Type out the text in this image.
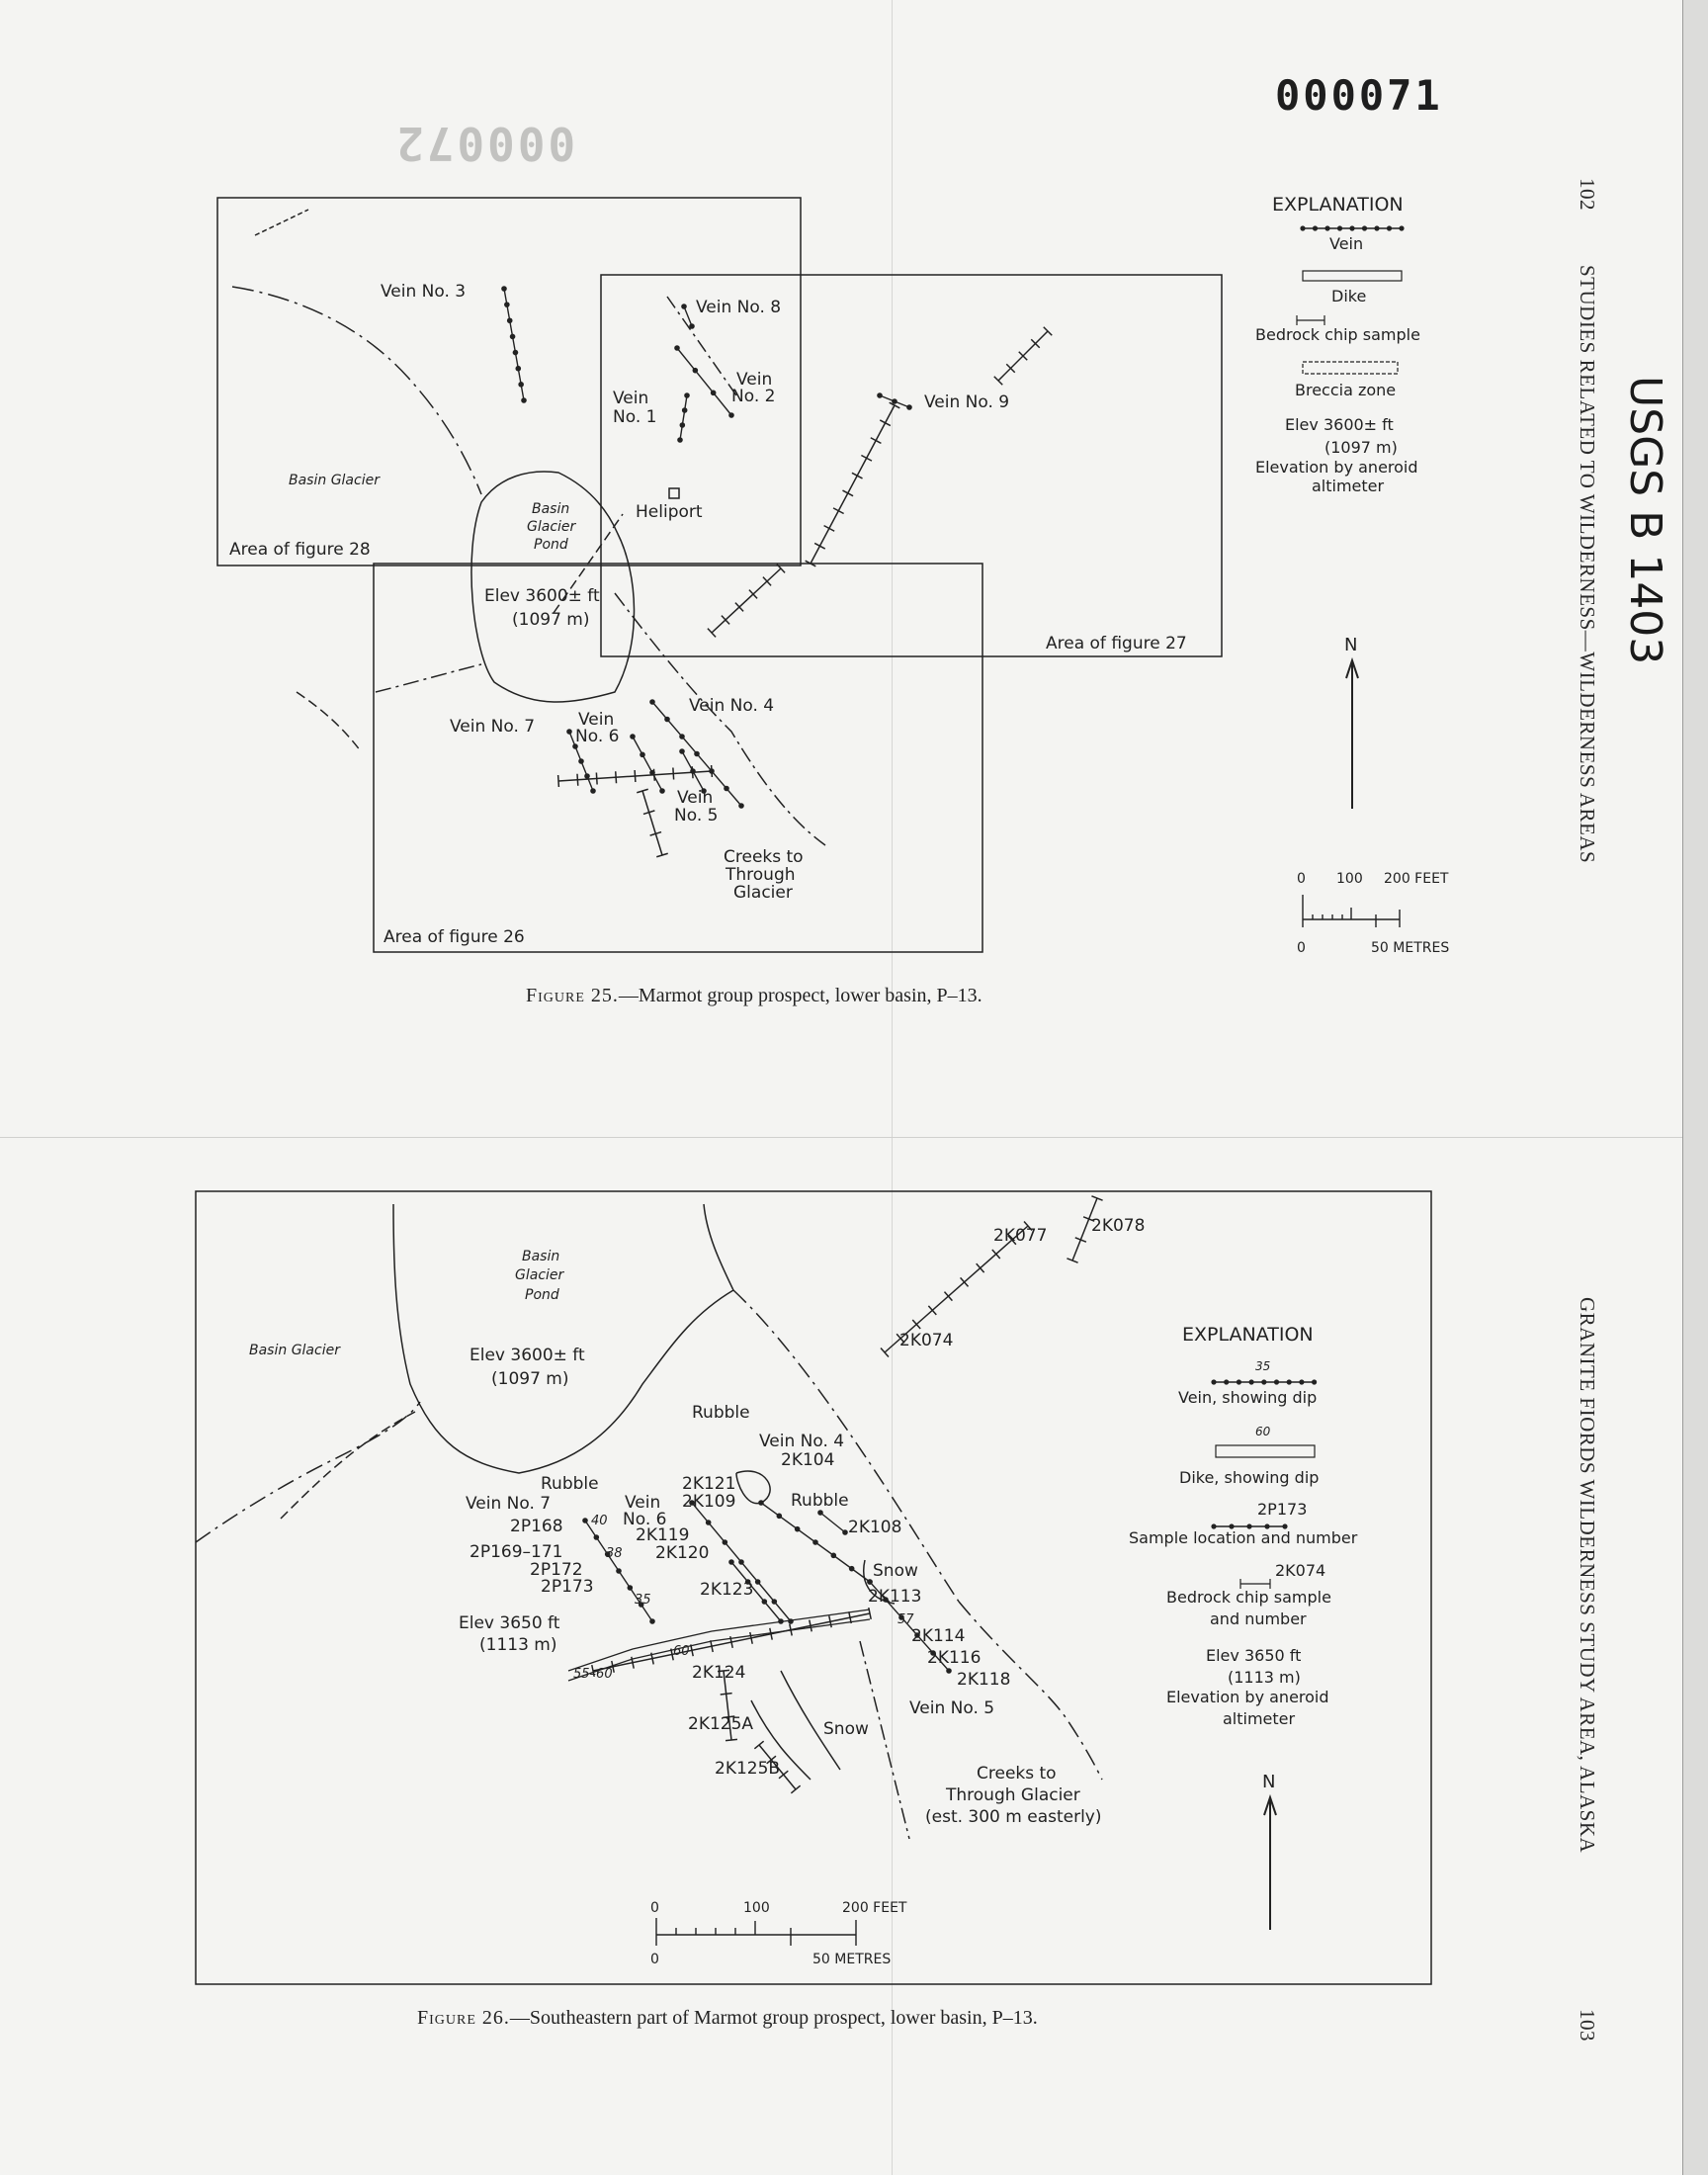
000071
000072
102
STUDIES RELATED TO WILDERNESS—WILDERNESS AREAS USGS B 1403
GRANITE FIORDS WILDERNESS STUDY AREA, ALASKA
103
Figure 25.—Marmot group prospect, lower basin, P–13.
Figure 26.—Southeastern part of Marmot group prospect, lower basin, P–13.
Vein No. 3
Vein No. 8
Vein
No. 1
Vein
No. 2	Vein No. 9
Basin Glacier
Basin
Glacier
Pond
Heliport
Area of figure 28
Area of figure 27
Area of figure 26
Elev 3600± ft
(1097 m)
Vein No. 4
Vein No. 7	Vein
No. 6
Vein
No. 5
Creeks to
Through
Glacier
EXPLANATION
Vein
Dike
Bedrock chip sample
Breccia zone
Elev 3600± ft
(1097 m)
Elevation by aneroid
altimeter
N
0 100 200 FEET
0	50 METRES
Basin
Glacier
Pond
Basin Glacier	Elev 3600± ft
(1097 m)
Rubble
Rubble
Rubble
Vein No. 4
2K104
2K121
2K109
Vein No. 7	Vein
No. 6
2P168 40
2K119
2K120
2K108
2P169–171	38
2P172
2P173
35
Snow
2K123	2K113
57
Elev 3650 ft
(1113 m)	60
55–60	2K124
2K114
2K116
2K118
Vein No. 5
2K125A	Snow
2K125B	Creeks to
Through Glacier
(est. 300 m easterly)
2K077	2K078
2K074	EXPLANATION
35
Vein, showing dip
60
Dike, showing dip
2P173
Sample location and number
2K074
Bedrock chip sample
and number
Elev 3650 ft
(1113 m)
Elevation by aneroid
altimeter
N
0	100	200 FEET
0	50 METRES
